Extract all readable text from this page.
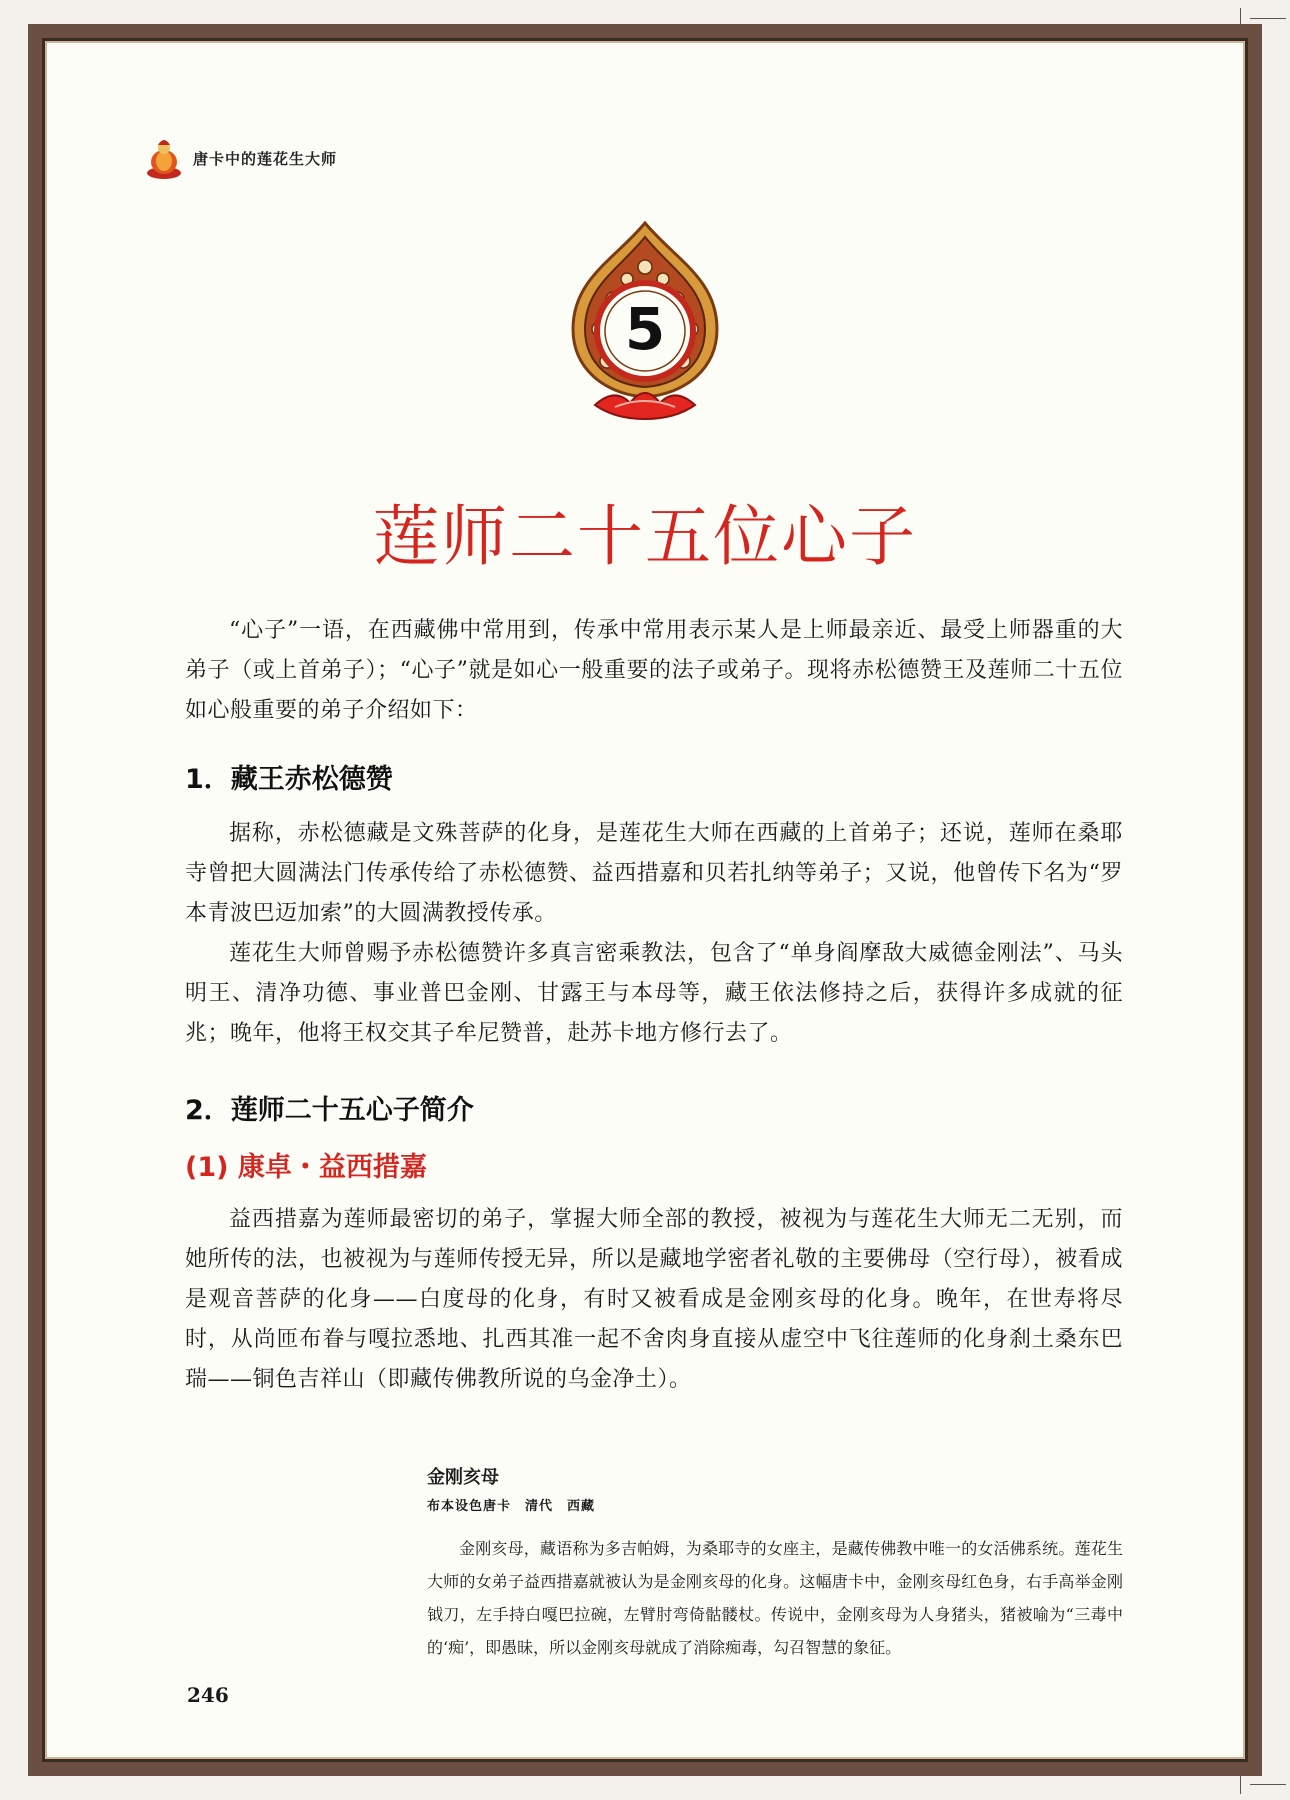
唐卡中的莲花生大师
5
莲师二十五位心子

“心子”一语，在西藏佛中常用到，传承中常用表示某人是上师最亲近、最受上师器重的大弟子（或上首弟子）；“心子”就是如心一般重要的法子或弟子。现将赤松德赞王及莲师二十五位如心般重要的弟子介绍如下：

1．藏王赤松德赞

据称，赤松德藏是文殊菩萨的化身，是莲花生大师在西藏的上首弟子；还说，莲师在桑耶寺曾把大圆满法门传承传给了赤松德赞、益西措嘉和贝若扎纳等弟子；又说，他曾传下名为“罗本青波巴迈加索”的大圆满教授传承。

莲花生大师曾赐予赤松德赞许多真言密乘教法，包含了“单身阎摩敌大威德金刚法”、马头明王、清净功德、事业普巴金刚、甘露王与本母等，藏王依法修持之后，获得许多成就的征兆；晚年，他将王权交其子牟尼赞普，赴苏卡地方修行去了。

2．莲师二十五心子简介
(1) 康卓・益西措嘉

益西措嘉为莲师最密切的弟子，掌握大师全部的教授，被视为与莲花生大师无二无别，而她所传的法，也被视为与莲师传授无异，所以是藏地学密者礼敬的主要佛母（空行母），被看成是观音菩萨的化身——白度母的化身，有时又被看成是金刚亥母的化身。晚年，在世寿将尽时，从尚匝布眷与嘎拉悉地、扎西其准一起不舍肉身直接从虚空中飞往莲师的化身刹土桑东巴瑞——铜色吉祥山（即藏传佛教所说的乌金净土）。

金刚亥母
布本设色唐卡　清代　西藏

金刚亥母，藏语称为多吉帕姆，为桑耶寺的女座主，是藏传佛教中唯一的女活佛系统。莲花生大师的女弟子益西措嘉就被认为是金刚亥母的化身。这幅唐卡中，金刚亥母红色身，右手高举金刚钺刀，左手持白嘎巴拉碗，左臂肘弯倚骷髅杖。传说中，金刚亥母为人身猪头，猪被喻为“三毒中的‘痴’，即愚昧，所以金刚亥母就成了消除痴毒，勾召智慧的象征。

246
